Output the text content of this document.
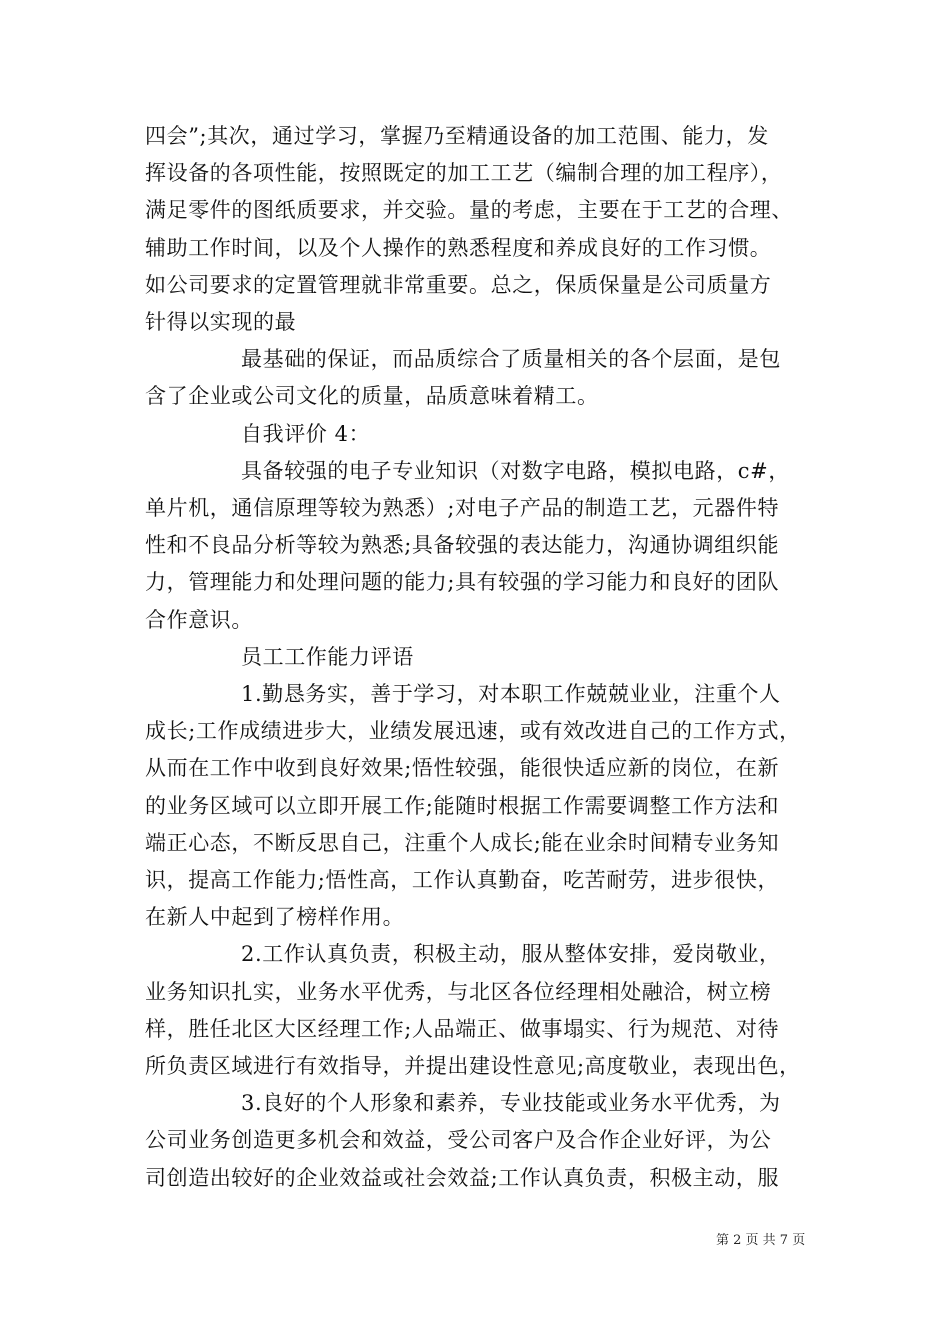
四会”;其次，通过学习，掌握乃至精通设备的加工范围、能力，发
挥设备的各项性能，按照既定的加工工艺（编制合理的加工程序），
满足零件的图纸质要求，并交验。量的考虑，主要在于工艺的合理、
辅助工作时间，以及个人操作的熟悉程度和养成良好的工作习惯。
如公司要求的定置管理就非常重要。总之，保质保量是公司质量方
针得以实现的最
最基础的保证，而品质综合了质量相关的各个层面，是包
含了企业或公司文化的质量，品质意味着精工。
自我评价 4：
具备较强的电子专业知识（对数字电路，模拟电路，c#，
单片机，通信原理等较为熟悉）;对电子产品的制造工艺，元器件特
性和不良品分析等较为熟悉;具备较强的表达能力，沟通协调组织能
力，管理能力和处理问题的能力;具有较强的学习能力和良好的团队
合作意识。
员工工作能力评语
1.勤恳务实，善于学习，对本职工作兢兢业业，注重个人
成长;工作成绩进步大，业绩发展迅速，或有效改进自己的工作方式，
从而在工作中收到良好效果;悟性较强，能很快适应新的岗位，在新
的业务区域可以立即开展工作;能随时根据工作需要调整工作方法和
端正心态，不断反思自己，注重个人成长;能在业余时间精专业务知
识，提高工作能力;悟性高，工作认真勤奋，吃苦耐劳，进步很快，
在新人中起到了榜样作用。
2.工作认真负责，积极主动，服从整体安排，爱岗敬业，
业务知识扎实，业务水平优秀，与北区各位经理相处融洽，树立榜
样，胜任北区大区经理工作;人品端正、做事塌实、行为规范、对待
所负责区域进行有效指导，并提出建设性意见;高度敬业，表现出色，
3.良好的个人形象和素养，专业技能或业务水平优秀，为
公司业务创造更多机会和效益，受公司客户及合作企业好评，为公
司创造出较好的企业效益或社会效益;工作认真负责，积极主动，服
第 2 页 共 7 页
